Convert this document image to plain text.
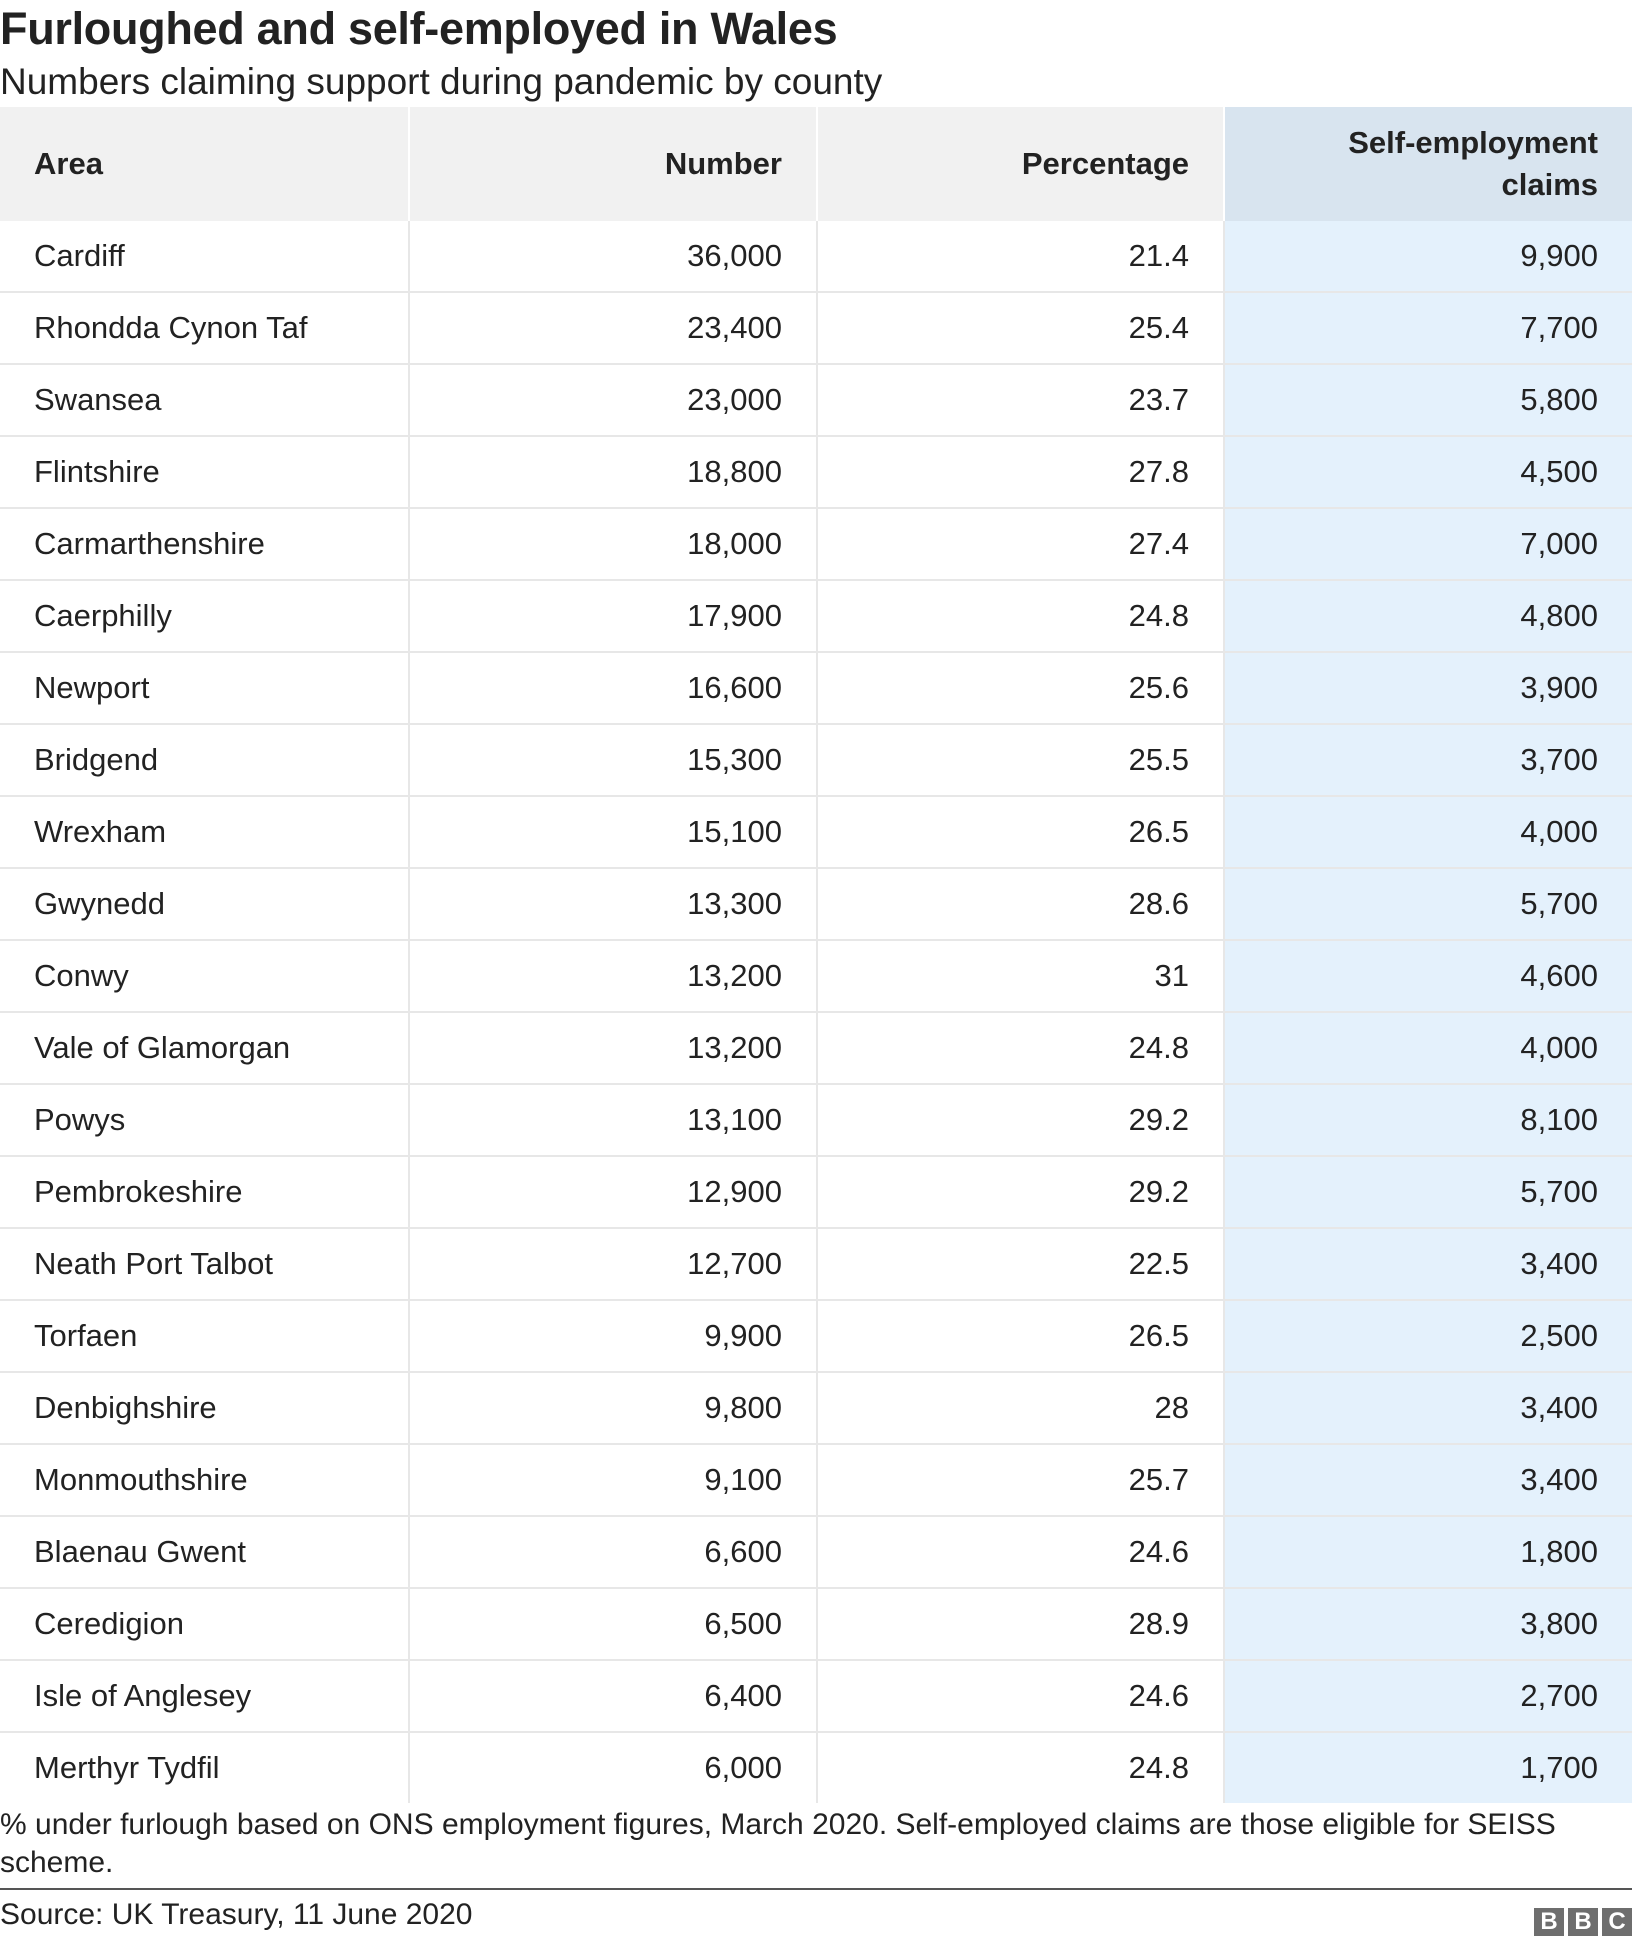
Furloughed and self-employed in Wales
Numbers claiming support during pandemic by county
Area	Number	Percentage	Self-employment claims
Cardiff	36,000	21.4	9,900
Rhondda Cynon Taf	23,400	25.4	7,700
Swansea	23,000	23.7	5,800
Flintshire	18,800	27.8	4,500
Carmarthenshire	18,000	27.4	7,000
Caerphilly	17,900	24.8	4,800
Newport	16,600	25.6	3,900
Bridgend	15,300	25.5	3,700
Wrexham	15,100	26.5	4,000
Gwynedd	13,300	28.6	5,700
Conwy	13,200	31	4,600
Vale of Glamorgan	13,200	24.8	4,000
Powys	13,100	29.2	8,100
Pembrokeshire	12,900	29.2	5,700
Neath Port Talbot	12,700	22.5	3,400
Torfaen	9,900	26.5	2,500
Denbighshire	9,800	28	3,400
Monmouthshire	9,100	25.7	3,400
Blaenau Gwent	6,600	24.6	1,800
Ceredigion	6,500	28.9	3,800
Isle of Anglesey	6,400	24.6	2,700
Merthyr Tydfil	6,000	24.8	1,700
% under furlough based on ONS employment figures, March 2020. Self-employed claims are those eligible for SEISS scheme.
Source: UK Treasury, 11 June 2020	B B C
